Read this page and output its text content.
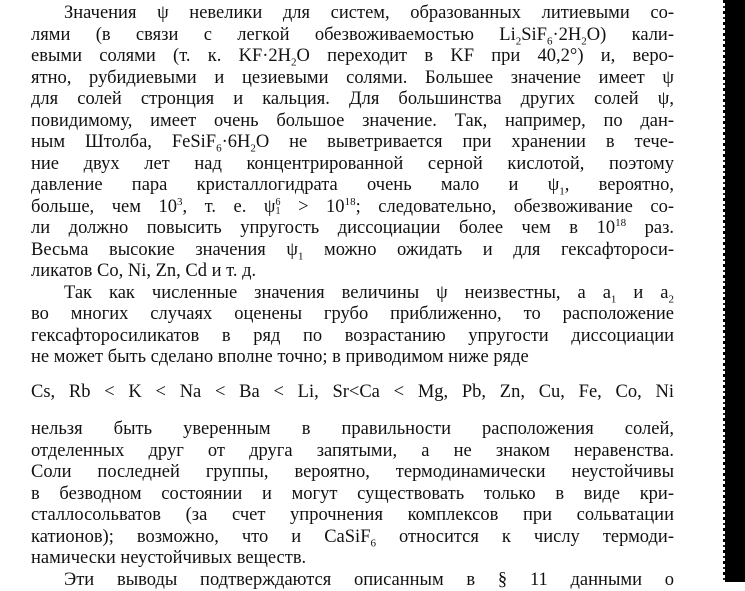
Значения ψ невелики для систем, образованных литиевыми со-
лями (в связи с легкой обезвоживаемостью $Li_2SiF_6\cdot 2H_2O$) кали-
евыми солями (т. к. $KF\cdot 2H_2O$ переходит в KF при 40,2°) и, веро-
ятно, рубидиевыми и цезиевыми солями. Большее значение имеет ψ
для солей стронция и кальция. Для большинства других солей ψ,
повидимому, имеет очень большое значение. Так, например, по дан-
ным Штолба, $FeSiF_6\cdot 6H_2O$ не выветривается при хранении в тече-
ние двух лет над концентрированной серной кислотой, поэтому
давление пара кристаллогидрата очень мало и $\psi_1$, вероятно,
больше, чем $10^3$, т. е. ψ6
$1 > 10^{18}$; следовательно, обезвоживание со-
ли должно повысить упругость диссоциации более чем в $10^{18}$ раз.
Весьма высокие значения $\psi_1$ можно ожидать и для гексафтороси-
ликатов Co, Ni, Zn, Cd и т. д.
Так как численные значения величины ψ неизвестны, а $a_1$ и $a_2$
во многих случаях оценены грубо приближенно, то расположение
гексафторосиликатов в ряд по возрастанию упругости диссоциации
не может быть сделано вполне точно; в приводимом ниже ряде
Cs, Rb < K < Na < Ba < Li, Sr<Ca < Mg, Pb, Zn, Cu, Fe, Co, Ni
нельзя быть уверенным в правильности расположения солей,
отделенных друг от друга запятыми, а не знаком неравенства.
Соли последней группы, вероятно, термодинамически неустойчивы
в безводном состоянии и могут существовать только в виде кри-
сталлосольватов (за счет упрочнения комплексов при сольватации
катионов); возможно, что и CaSiF$_6$ относится к числу термоди-
намически неустойчивых веществ.
Эти выводы подтверждаются описанным в § 11 данными о
